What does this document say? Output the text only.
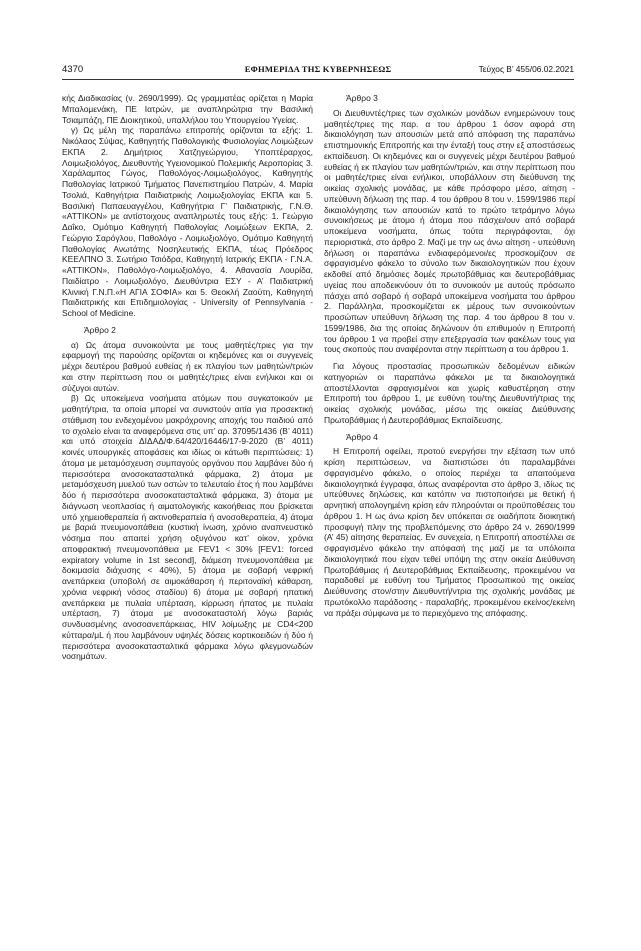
4370	ΕΦΗΜΕΡΙΔΑ ΤΗΣ ΚΥΒΕΡΝΗΣΕΩΣ	Τεύχος B’ 455/06.02.2021

κής Διαδικασίας (ν. 2690/1999). Ως γραμματέας ορίζεται η Μαρία Μπαλομενάκη, ΠΕ Ιατρών, με αναπληρώτρια την Βασιλική Τσιαμπάζη, ΠΕ Διοικητικού, υπαλλήλου του Υπουργείου Υγείας.

γ) Ως μέλη της παραπάνω επιτροπής ορίζονται τα εξής: 1. Νικόλαος Σύψας, Καθηγητής Παθολογικής Φυσιολογίας Λοιμώξεων ΕΚΠΑ 2. Δημήτριος Χατζηγεώργιου, Υποπτέραρχος, Λοιμωξιολόγος, Διευθυντής Υγειονομικού Πολεμικής Αεροπορίας 3. Χαράλαμπος Γώγος, Παθολόγος-Λοιμωξιολόγος, Καθηγητής Παθολογίας Ιατρικού Τμήματος Πανεπιστημίου Πατρών, 4. Μαρία Τσολιά, Καθηγήτρια Παιδιατρικής Λοιμωξιολογίας ΕΚΠΑ και 5. Βασιλική Παπαευαγγέλου, Καθηγήτρια Γ’ Παιδιατρικής, Γ.Ν.Θ. «ΑΤΤΙΚΟΝ» με αντίστοιχους αναπληρωτές τους εξής: 1. Γεώργιο Δαΐκο, Ομότιμο Καθηγητή Παθολογίας Λοιμώξεων ΕΚΠΑ, 2. Γεώργιο Σαρόγλου, Παθολόγο - Λοιμωξιολόγο, Ομότιμο Καθηγητή Παθολογίας Ανωτάτης Νοσηλευτικής ΕΚΠΑ, τέως Πρόεδρος ΚΕΕΛΠΝΟ 3. Σωτήριο Τσιόδρα, Καθηγητή Ιατρικής ΕΚΠΑ - Γ.Ν.Α. «ΑΤΤΙΚΟΝ», Παθολόγο-Λοιμωξιολόγο, 4. Αθανασία Λουρίδα, Παιδίατρο - Λοιμωξιολόγο, Διευθύντρια ΕΣΥ - Α’ Παιδιατρική Κλινική Γ.Ν.Π.«Η ΑΓΙΑ ΣΟΦΙΑ» και 5. Θεοκλή Ζαούτη, Καθηγητή Παιδιατρικής και Επιδημιολογίας - University of Pennsylvania -School of Medicine.

Άρθρο 2

α) Ως άτομα συνοικούντα με τους μαθητές/τριες για την εφαρμογή της παρούσης ορίζονται οι κηδεμόνες και οι συγγενείς μέχρι δευτέρου βαθμού ευθείας ή εκ πλαγίου των μαθητών/τριών και στην περίπτωση που οι μαθητές/τριες είναι ενήλικοι και οι σύζυγοι αυτών.

β) Ως υποκείμενα νοσήματα ατόμων που συγκατοικούν με μαθητή/τρια, τα οποία μπορεί να συνιστούν αιτία για προσεκτική στάθμιση του ενδεχομένου μακρόχρονης αποχής του παιδιού από το σχολείο είναι τα αναφερόμενα στις υπ’ αρ. 37095/1436 (Β’ 4011) και υπό στοιχεία ΔΙΔΑΔ/Φ.64/420/16446/17-9-2020 (Β’ 4011) κοινές υπουργικές αποφάσεις και ιδίως οι κάτωθι περιπτώσεις: 1) άτομα με μεταμόσχευση συμπαγούς οργάνου που λαμβάνει δύο ή περισσότερα ανοσοκατασταλτικά φάρμακα, 2) άτομα με μεταμόσχευση μυελού των οστών το τελευταίο έτος ή που λαμβάνει δύο ή περισσότερα ανοσοκατασταλτικά φάρμακα, 3) άτομα με διάγνωση νεοπλασίας ή αιματολογικής κακοήθειας που βρίσκεται υπό χημειοθεραπεία ή ακτινοθεραπεία ή ανοσοθεραπεία, 4) άτομα με βαριά πνευμονοπάθεια (κυστική ίνωση, χρόνιο αναπνευστικό νόσημα που απαιτεί χρήση οξυγόνου κατ’ οίκον, χρόνια αποφρακτική πνευμονοπάθεια με FEV1 < 30% [FEV1: forced expiratory volume in 1st second], διάμεση πνευμονοπάθεια με δοκιμασία διάχυσης < 40%), 5) άτομα με σοβαρή νεφρική ανεπάρκεια (υποβολή σε αιμοκάθαρση ή περιτοναϊκή κάθαρση, χρόνια νεφρική νόσος σταδίου) 6) άτομα με σοβαρή ηπατική ανεπάρκεια με πυλαία υπέρταση, κίρρωση ήπατος με πυλαία υπέρταση, 7) άτομα με ανοσοκαταστολή λόγω βαριάς συνδυασμένης ανοσοανεπάρκειας, HIV λοίμωξης με CD4<200 κύτταρα/μL ή που λαμβάνουν υψηλές δόσεις κορτικοειδών ή δύο ή περισσότερα ανοσοκατασταλτικά φάρμακα λόγω φλεγμονωδών νοσημάτων.

Άρθρο 3

Οι Διευθυντές/τριες των σχολικών μονάδων ενημερώνουν τους μαθητές/τριες της παρ. α του άρθρου 1 όσον αφορά στη δικαιολόγηση των απουσιών μετά από απόφαση της παραπάνω επιστημονικής Επιτροπής και την ένταξή τους στην εξ αποστάσεως εκπαίδευση. Οι κηδεμόνες και οι συγγενείς μέχρι δευτέρου βαθμού ευθείας ή εκ πλαγίου των μαθητών/τριών, και στην περίπτωση που οι μαθητές/τριες είναι ενήλικοι, υποβάλλουν στη διεύθυνση της οικείας σχολικής μονάδας, με κάθε πρόσφορο μέσο, αίτηση - υπεύθυνη δήλωση της παρ. 4 του άρθρου 8 του ν. 1599/1986 περί δικαιολόγησης των απουσιών κατά το πρώτο τετράμηνο λόγω συνοικήσεως με άτομο ή άτομα που πάσχει/ουν από σοβαρά υποκείμενα νοσήματα, όπως τούτα περιγράφονται, όχι περιοριστικά, στο άρθρο 2. Μαζί με την ως άνω αίτηση - υπεύθυνη δήλωση οι παραπάνω ενδιαφερόμενοι/ες προσκομίζουν σε σφραγισμένο φάκελο το σύνολο των δικαιολογητικών που έχουν εκδοθεί από δημόσιες δομές πρωτοβάθμιας και δευτεροβάθμιας υγείας που αποδεικνύουν ότι το συνοικούν με αυτούς πρόσωπο πάσχει από σοβαρό ή σοβαρά υποκείμενα νοσήματα του άρθρου 2. Παράλληλα, προσκομίζεται εκ μέρους των συνοικούντων προσώπων υπεύθυνη δήλωση της παρ. 4 του άρθρου 8 του ν. 1599/1986, δια της οποίας δηλώνουν ότι επιθυμούν η Επιτροπή του άρθρου 1 να προβεί στην επεξεργασία των φακέλων τους για τους σκοπούς που αναφέρονται στην περίπτωση α του άρθρου 1.

Για λόγους προστασίας προσωπικών δεδομένων ειδικών κατηγοριών οι παραπάνω φάκελοι με τα δικαιολογητικά αποστέλλονται σφραγισμένοι και χωρίς καθυστέρηση στην Επιτροπή του άρθρου 1, με ευθύνη του/της Διευθυντή/τριας της οικείας σχολικής μονάδας, μέσω της οικείας Διεύθυνσης Πρωτοβάθμιας ή Δευτεροβάθμιας Εκπαίδευσης.

Άρθρο 4

Η Επιτροπή οφείλει, προτού ενεργήσει την εξέταση των υπό κρίση περιπτώσεων, να διαπιστώσει ότι παραλαμβάνει σφραγισμένο φάκελο, ο οποίος περιέχει τα απαιτούμενα δικαιολογητικά έγγραφα, όπως αναφέρονται στο άρθρο 3, ιδίως τις υπεύθυνες δηλώσεις, και κατόπιν να πιστοποιήσει με θετική ή αρνητική απολογημένη κρίση εάν πληρούνται οι προϋποθέσεις του άρθρου 1. Η ως άνω κρίση δεν υπόκειται σε οιαδήποτε διοικητική προσφυγή πλην της προβλεπόμενης στο άρθρο 24 ν. 2690/1999 (Α’ 45) αίτησης θεραπείας. Εν συνεχεία, η Επιτροπή αποστέλλει σε σφραγισμένο φάκελο την απόφασή της μαζί με τα υπόλοιπα δικαιολογητικά που είχαν τεθεί υπόψη της στην οικεία Διεύθυνση Πρωτοβάθμιας ή Δευτεροβάθμιας Εκπαίδευσης, προκειμένου να παραδοθεί με ευθύνη του Τμήματος Προσωπικού της οικείας Διεύθυνσης στον/στην Διευθυντή/ντρια της σχολικής μονάδας με πρωτόκολλο παράδοσης - παραλαβής, προκειμένου εκείνος/εκείνη να πράξει σύμφωνα με το περιεχόμενο της απόφασης.
